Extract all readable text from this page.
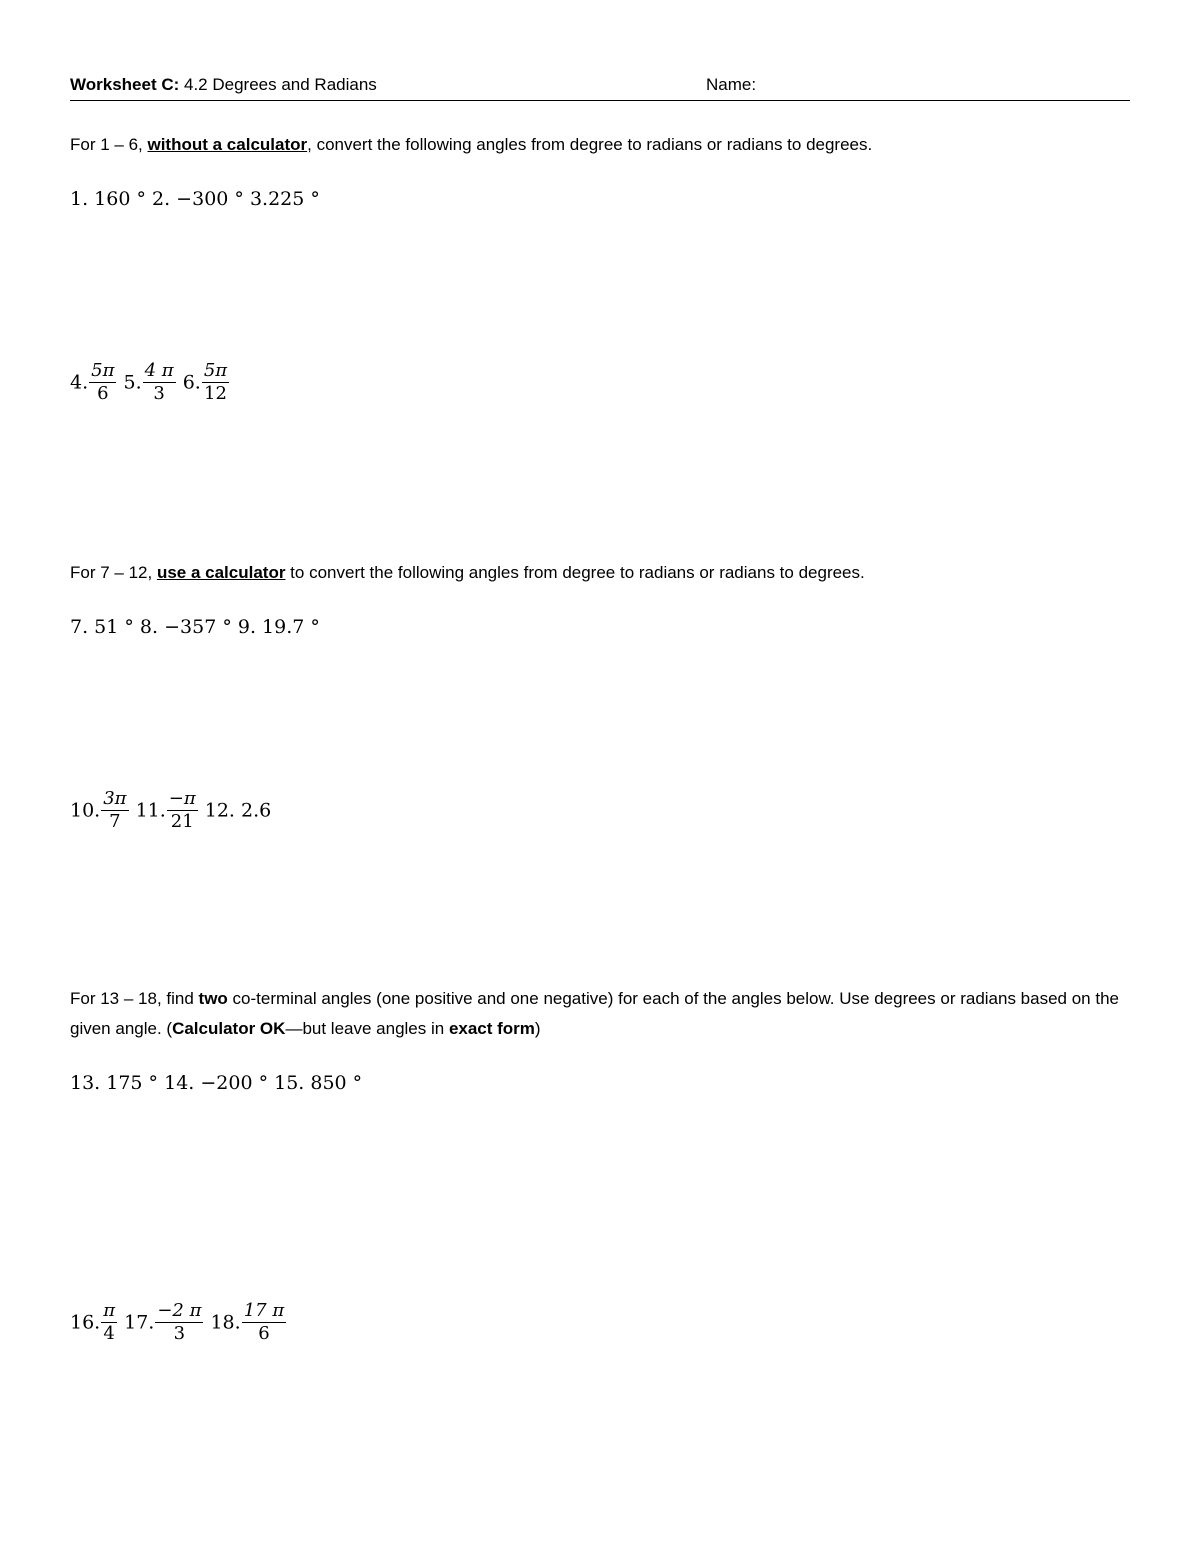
Worksheet C: 4.2 Degrees and Radians	Name:
For 1 – 6, without a calculator, convert the following angles from degree to radians or radians to degrees.
1. 160 ° 2. −300 ° 3.225 °
4. $\frac{5\pi}{6} 5$. $\frac{4 \pi}{3} 6$. $\frac{5\pi}{12}$
For 7 – 12, use a calculator to convert the following angles from degree to radians or radians to degrees.
7. 51 ° 8. −357 ° 9. 19.7 °
10. $\frac{3\pi}{7} 11$. $\frac{-\pi}{21} 12$. 2.6
For 13 – 18, find two co-terminal angles (one positive and one negative) for each of the angles below. Use degrees or radians based on the given angle. (Calculator OK—but leave angles in exact form)
13. 175 ° 14. −200 ° 15. 850 °
16. $\frac{\pi}{4} 17$. $\frac{-2 \pi}{3} 18$. $\frac{17 \pi}{6}$
